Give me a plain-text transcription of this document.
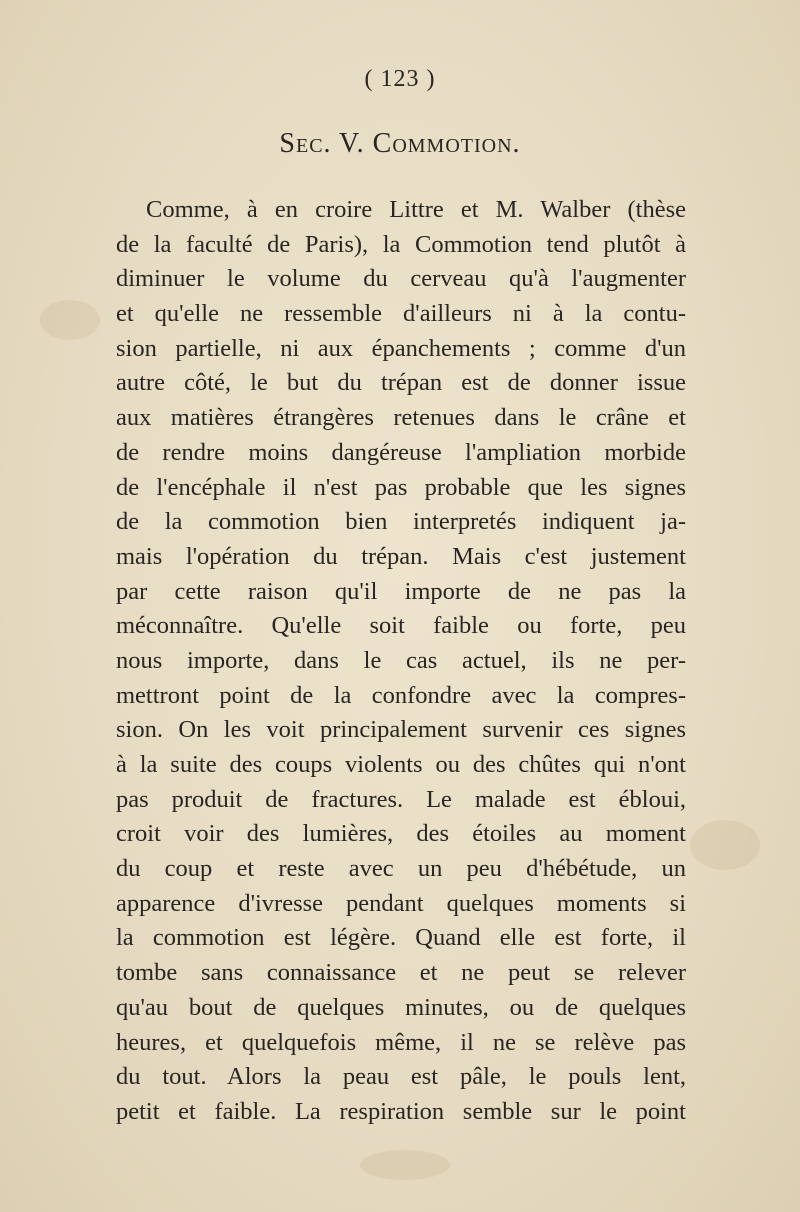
( 123 )
Sec. V. Commotion.
Comme, à en croire Littre et M. Walber (thèse
de la faculté de Paris), la Commotion tend plutôt à
diminuer le volume du cerveau qu'à l'augmenter
et qu'elle ne ressemble d'ailleurs ni à la contu-
sion partielle, ni aux épanchements ; comme d'un
autre côté, le but du trépan est de donner issue
aux matières étrangères retenues dans le crâne et
de rendre moins dangéreuse l'ampliation morbide
de l'encéphale il n'est pas probable que les signes
de la commotion bien interpretés indiquent ja-
mais l'opération du trépan. Mais c'est justement
par cette raison qu'il importe de ne pas la
méconnaître. Qu'elle soit faible ou forte, peu
nous importe, dans le cas actuel, ils ne per-
mettront point de la confondre avec la compres-
sion. On les voit principalement survenir ces signes
à la suite des coups violents ou des chûtes qui n'ont
pas produit de fractures. Le malade est ébloui,
croit voir des lumières, des étoiles au moment
du coup et reste avec un peu d'hébétude, un
apparence d'ivresse pendant quelques moments si
la commotion est légère. Quand elle est forte, il
tombe sans connaissance et ne peut se relever
qu'au bout de quelques minutes, ou de quelques
heures, et quelquefois même, il ne se relève pas
du tout. Alors la peau est pâle, le pouls lent,
petit et faible. La respiration semble sur le point
